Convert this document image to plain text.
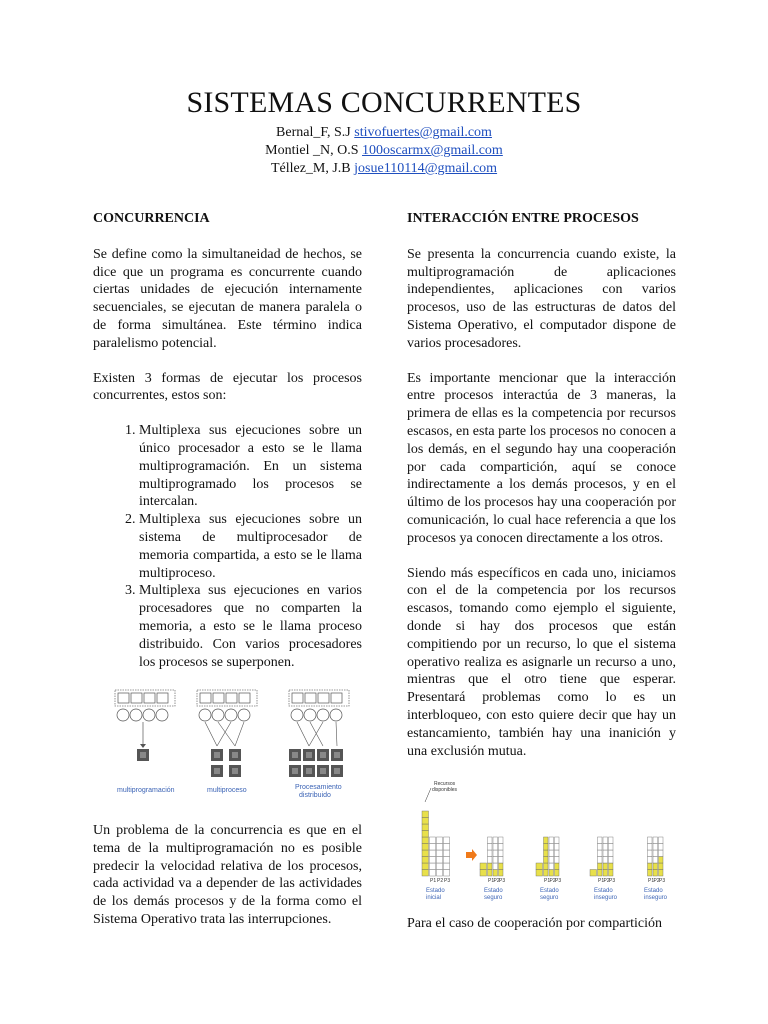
SISTEMAS CONCURRENTES
Bernal_F, S.J stivofuertes@gmail.com
Montiel _N, O.S 100oscarmx@gmail.com
Téllez_M, J.B josue110114@gmail.com
CONCURRENCIA

Se define como la simultaneidad de hechos, se dice que un programa es concurrente cuando ciertas unidades de ejecución internamente secuenciales, se ejecutan de manera paralela o de forma simultánea. Este término indica paralelismo potencial.

Existen 3 formas de ejecutar los procesos concurrentes, estos son:

1. Multiplexa sus ejecuciones sobre un único procesador a esto se le llama multiprogramación. En un sistema multiprogramado los procesos se intercalan.
2. Multiplexa sus ejecuciones sobre un sistema de multiprocesador de memoria compartida, a esto se le llama multiproceso.
3. Multiplexa sus ejecuciones en varios procesadores que no comparten la memoria, a esto se le llama proceso distribuido. Con varios procesadores los procesos se superponen.
multiprogramación	multiproceso	Procesamiento
distribuido

Un problema de la concurrencia es que en el tema de la multiprogramación no es posible predecir la velocidad relativa de los procesos, cada actividad va a depender de las actividades de los demás procesos y de la forma como el Sistema Operativo trata las interrupciones.

INTERACCIÓN ENTRE PROCESOS

Se presenta la concurrencia cuando existe, la multiprogramación de aplicaciones independientes, aplicaciones con varios procesos, uso de las estructuras de datos del Sistema Operativo, el computador dispone de varios procesadores.

Es importante mencionar que la interacción entre procesos interactúa de 3 maneras, la primera de ellas es la competencia por recursos escasos, en esta parte los procesos no conocen a los demás, en el segundo hay una cooperación por cada compartición, aquí se conoce indirectamente a los demás procesos, y en el último de los procesos hay una cooperación por comunicación, lo cual hace referencia a que los procesos ya conocen directamente a los otros.

Siendo más específicos en cada uno, iniciamos con el de la competencia por los recursos escasos, tomando como ejemplo el siguiente, donde si hay dos procesos que están compitiendo por un recurso, lo que el sistema operativo realiza es asignarle un recurso a uno, mientras que el otro tiene que esperar. Presentará problemas como lo es un interbloqueo, con esto quiere decir que hay un estancamiento, también hay una inanición y una exclusión mutua.

Recursos
disponibles
P1 P2 P3
Estado
inicial
P1 P2 P3
Estado
seguro
P1 P2 P3
Estado
seguro
P1 P2 P3
Estado
inseguro
P1 P2 P3
Estado
inseguro
Para el caso de cooperación por compartición
